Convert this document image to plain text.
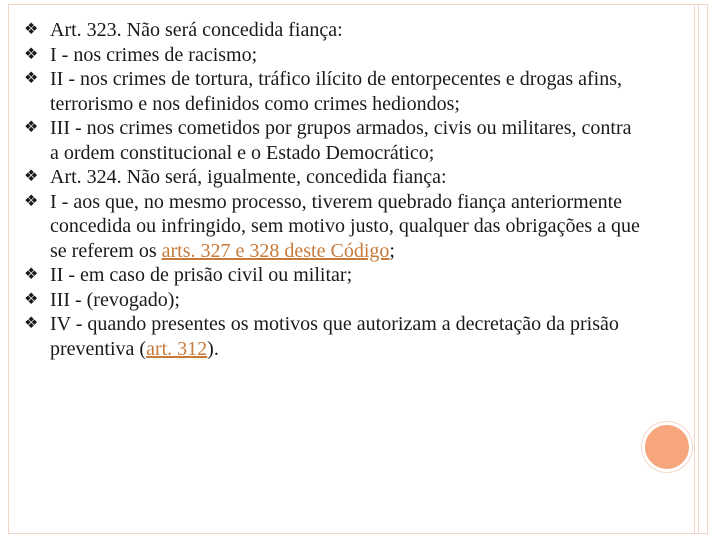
❖ Art. 323. Não será concedida fiança:
❖ I - nos crimes de racismo;
❖ II - nos crimes de tortura, tráfico ilícito de entorpecentes e drogas afins, terrorismo e nos definidos como crimes hediondos;
❖ III - nos crimes cometidos por grupos armados, civis ou militares, contra a ordem constitucional e o Estado Democrático;
❖ Art. 324. Não será, igualmente, concedida fiança:
❖ I - aos que, no mesmo processo, tiverem quebrado fiança anteriormente concedida ou infringido, sem motivo justo, qualquer das obrigações a que se referem os arts. 327 e 328 deste Código;
❖ II - em caso de prisão civil ou militar;
❖ III - (revogado);
❖ IV - quando presentes os motivos que autorizam a decretação da prisão preventiva (art. 312).
